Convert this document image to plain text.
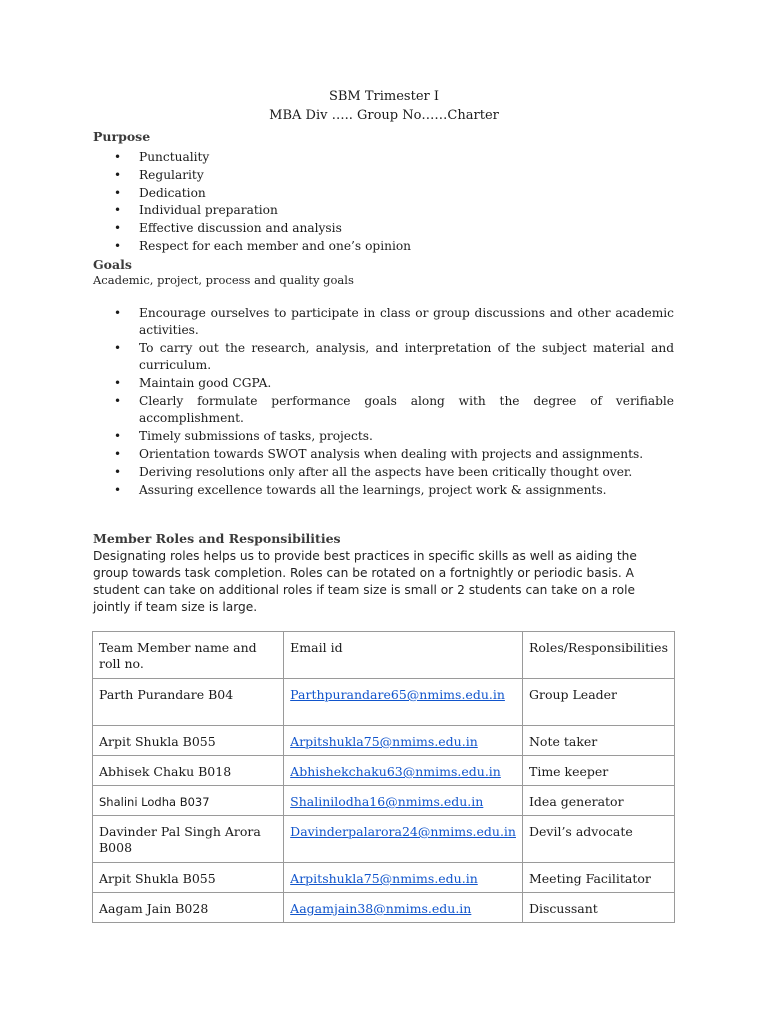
SBM Trimester I
MBA Div ….. Group No……Charter
Purpose
• Punctuality
• Regularity
• Dedication
• Individual preparation
• Effective discussion and analysis
• Respect for each member and one’s opinion
Goals
Academic, project, process and quality goals
• Encourage ourselves to participate in class or group discussions and other academic activities.
• To carry out the research, analysis, and interpretation of the subject material and curriculum.
• Maintain good CGPA.
• Clearly formulate performance goals along with the degree of verifiable accomplishment.
• Timely submissions of tasks, projects.
• Orientation towards SWOT analysis when dealing with projects and assignments.
• Deriving resolutions only after all the aspects have been critically thought over.
• Assuring excellence towards all the learnings, project work & assignments.
Member Roles and Responsibilities
Designating roles helps us to provide best practices in specific skills as well as aiding the group towards task completion. Roles can be rotated on a fortnightly or periodic basis. A student can take on additional roles if team size is small or 2 students can take on a role jointly if team size is large.
Team Member name and roll no.	Email id	Roles/Responsibilities
Parth Purandare B04	Parthpurandare65@nmims.edu.in	Group Leader
Arpit Shukla B055	Arpitshukla75@nmims.edu.in	Note taker
Abhisek Chaku B018	Abhishekchaku63@nmims.edu.in	Time keeper
Shalini Lodha B037	Shalinilodha16@nmims.edu.in	Idea generator
Davinder Pal Singh Arora B008	Davinderpalarora24@nmims.edu.in	Devil’s advocate
Arpit Shukla B055	Arpitshukla75@nmims.edu.in	Meeting Facilitator
Aagam Jain B028	Aagamjain38@nmims.edu.in	Discussant
